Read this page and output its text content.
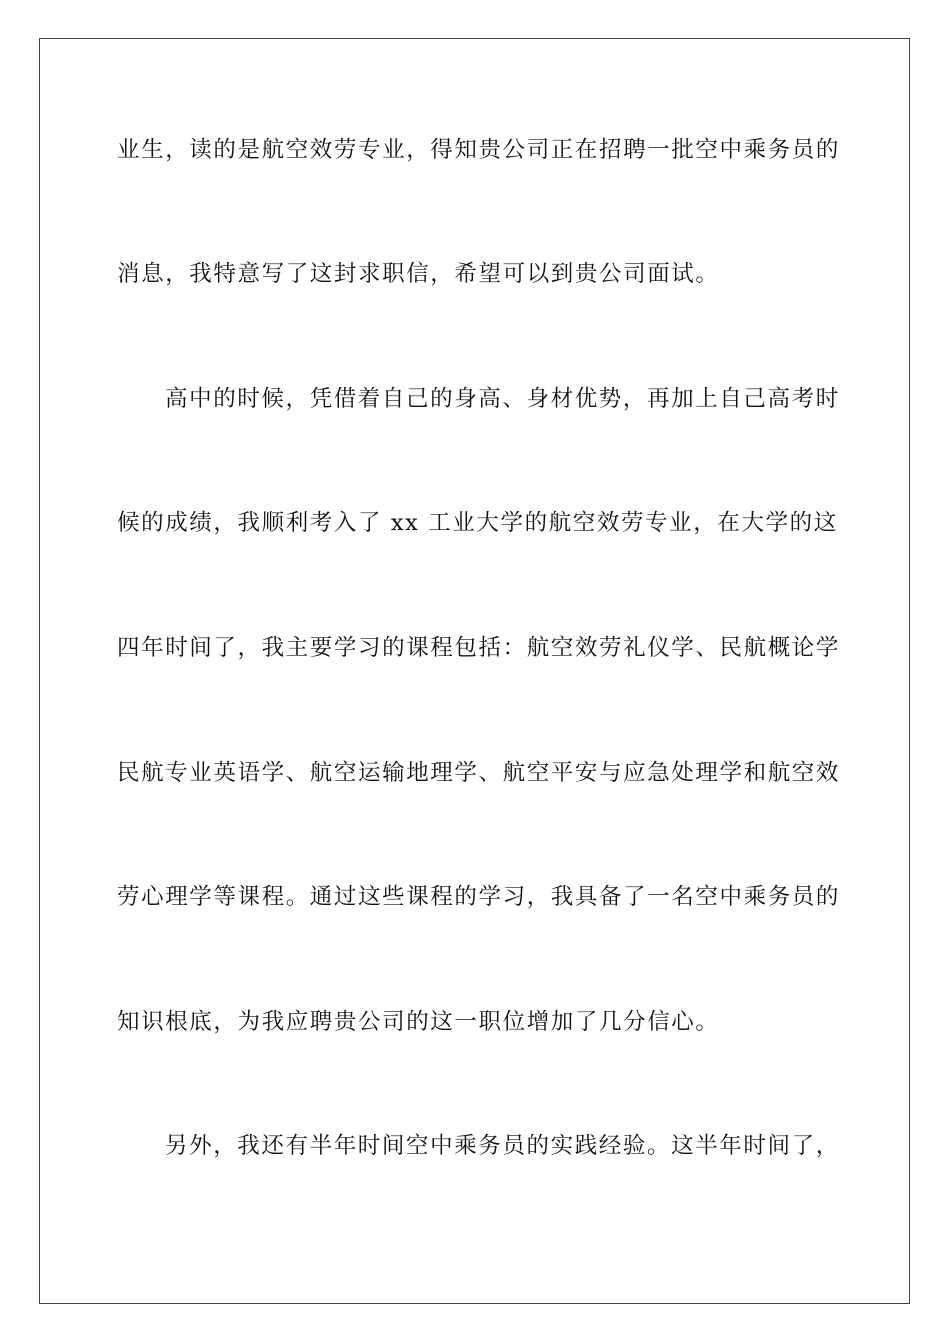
业生，读的是航空效劳专业，得知贵公司正在招聘一批空中乘务员的
消息，我特意写了这封求职信，希望可以到贵公司面试。
高中的时候，凭借着自己的身高、身材优势，再加上自己高考时
候的成绩，我顺利考入了 xx 工业大学的航空效劳专业，在大学的这
四年时间了，我主要学习的课程包括：航空效劳礼仪学、民航概论学
民航专业英语学、航空运输地理学、航空平安与应急处理学和航空效
劳心理学等课程。通过这些课程的学习，我具备了一名空中乘务员的
知识根底，为我应聘贵公司的这一职位增加了几分信心。
另外，我还有半年时间空中乘务员的实践经验。这半年时间了，
